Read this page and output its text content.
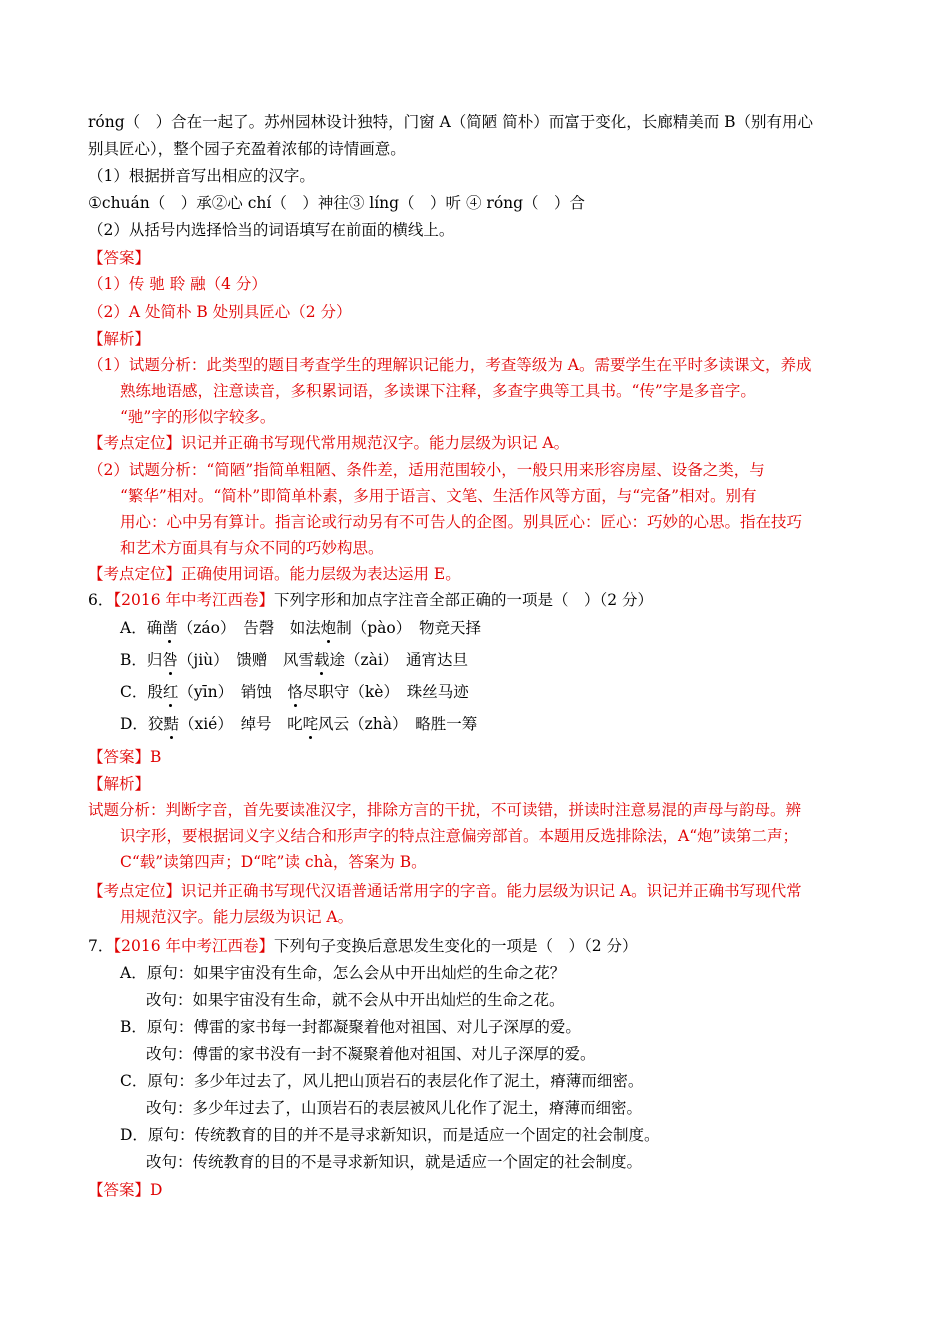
róng（　）合在一起了。苏州园林设计独特，门窗 A（简陋 简朴）而富于变化，长廊精美而 B（别有用心
别具匠心），整个园子充盈着浓郁的诗情画意。
（1）根据拼音写出相应的汉字。
①chuán（　）承②心 chí（　）神往③ líng（　）听 ④ róng（　）合
（2）从括号内选择恰当的词语填写在前面的横线上。
【答案】
（1）传 驰 聆 融（4 分）
（2）A 处简朴 B 处别具匠心（2 分）
【解析】
（1）试题分析：此类型的题目考查学生的理解识记能力，考查等级为 A。需要学生在平时多读课文，养成
熟练地语感，注意读音，多积累词语，多读课下注释，多查字典等工具书。“传”字是多音字。
“驰”字的形似字较多。
【考点定位】识记并正确书写现代常用规范汉字。能力层级为识记 A。
（2）试题分析：“简陋”指简单粗陋、条件差，适用范围较小，一般只用来形容房屋、设备之类，与
“繁华”相对。“简朴”即简单朴素，多用于语言、文笔、生活作风等方面，与“完备”相对。别有
用心：心中另有算计。指言论或行动另有不可告人的企图。别具匠心：匠心：巧妙的心思。指在技巧
和艺术方面具有与众不同的巧妙构思。
【考点定位】正确使用词语。能力层级为表达运用 E。
6．【2016 年中考江西卷】下列字形和加点字注音全部正确的一项是（　）（2 分）
A．确凿（záo）　告磬　如法炮制（pào）　物竞天择
B．归咎（jiù）　馈赠　风雪载途（zài）　通宵达旦
C．殷红（yīn）　销蚀　恪尽职守（kè）　珠丝马迹
D．狡黠（xié）　绰号　叱咤风云（zhà）　略胜一筹
【答案】B
【解析】
试题分析：判断字音，首先要读准汉字，排除方言的干扰，不可读错，拼读时注意易混的声母与韵母。辨
识字形，要根据词义字义结合和形声字的特点注意偏旁部首。本题用反选排除法，A“炮”读第二声；
C“载”读第四声；D“咤”读 chà，答案为 B。
【考点定位】识记并正确书写现代汉语普通话常用字的字音。能力层级为识记 A。识记并正确书写现代常
用规范汉字。能力层级为识记 A。
7．【2016 年中考江西卷】下列句子变换后意思发生变化的一项是（　）（2 分）
A．原句：如果宇宙没有生命，怎么会从中开出灿烂的生命之花？
改句：如果宇宙没有生命，就不会从中开出灿烂的生命之花。
B．原句：傅雷的家书每一封都凝聚着他对祖国、对儿子深厚的爱。
改句：傅雷的家书没有一封不凝聚着他对祖国、对儿子深厚的爱。
C．原句：多少年过去了，风儿把山顶岩石的表层化作了泥土，瘠薄而细密。
改句：多少年过去了，山顶岩石的表层被风儿化作了泥土，瘠薄而细密。
D．原句：传统教育的目的并不是寻求新知识，而是适应一个固定的社会制度。
改句：传统教育的目的不是寻求新知识，就是适应一个固定的社会制度。
【答案】D
